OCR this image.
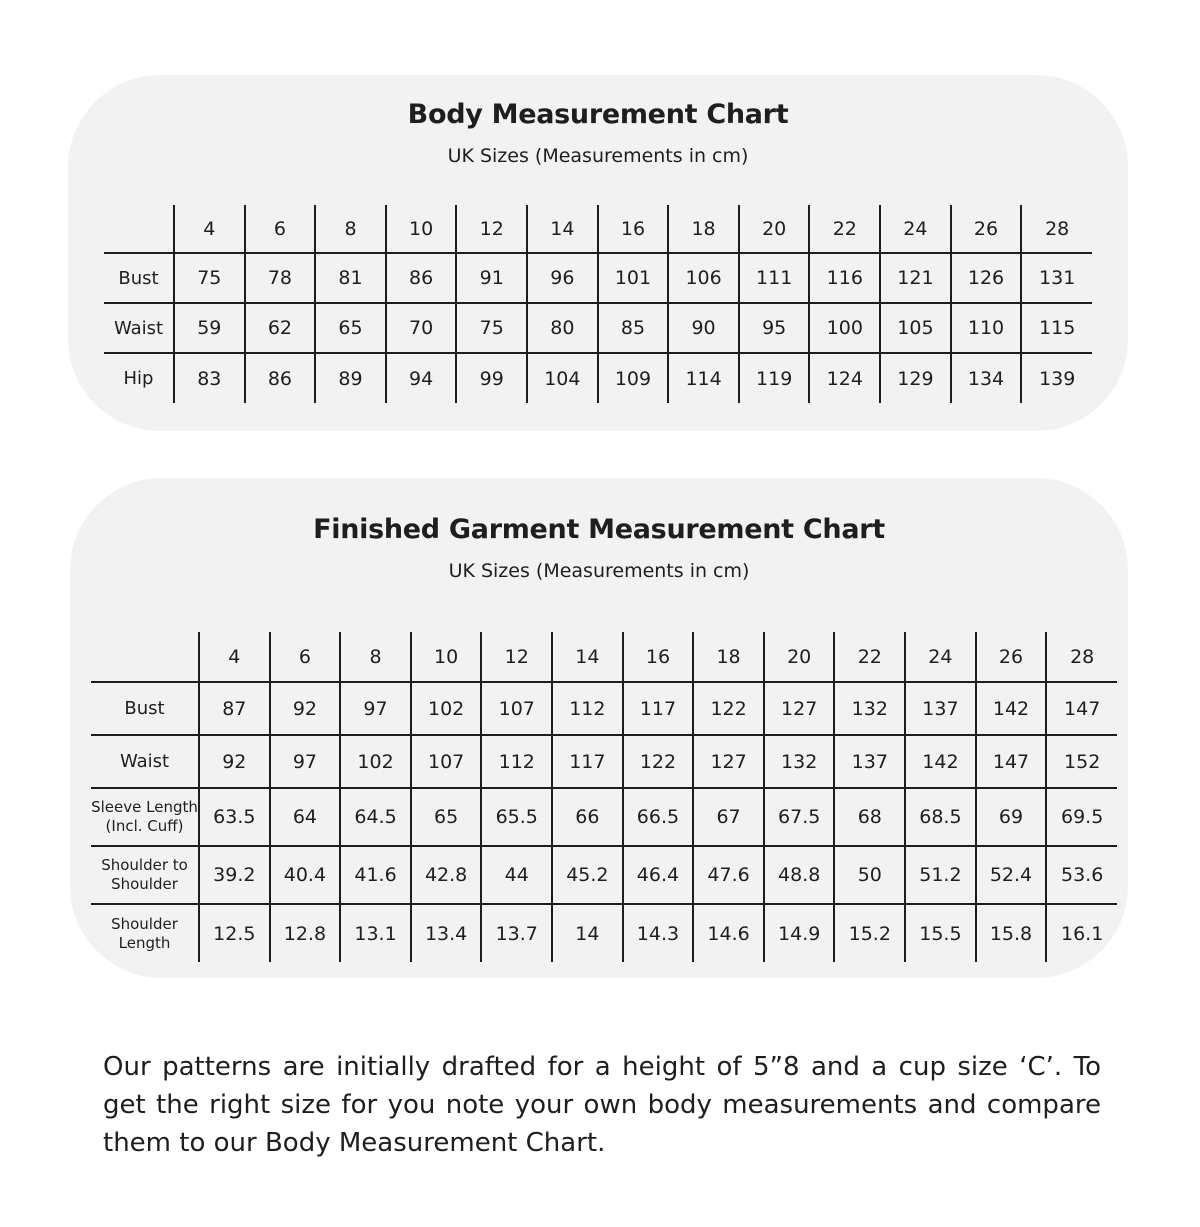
Body Measurement Chart
UK Sizes (Measurements in cm)
	4	6	8	10	12	14	16	18	20	22	24	26	28
Bust	75	78	81	86	91	96	101	106	111	116	121	126	131
Waist	59	62	65	70	75	80	85	90	95	100	105	110	115
Hip	83	86	89	94	99	104	109	114	119	124	129	134	139
Finished Garment Measurement Chart
UK Sizes (Measurements in cm)
	4	6	8	10	12	14	16	18	20	22	24	26	28
Bust	87	92	97	102	107	112	117	122	127	132	137	142	147
Waist	92	97	102	107	112	117	122	127	132	137	142	147	152
Sleeve Length
(Incl. Cuff)	63.5	64	64.5	65	65.5	66	66.5	67	67.5	68	68.5	69	69.5
Shoulder to
Shoulder	39.2	40.4	41.6	42.8	44	45.2	46.4	47.6	48.8	50	51.2	52.4	53.6
Shoulder
Length	12.5	12.8	13.1	13.4	13.7	14	14.3	14.6	14.9	15.2	15.5	15.8	16.1

Our patterns are initially drafted for a height of 5”8 and a cup size ‘C’. To get the right size for you note your own body measurements and compare them to our Body Measurement Chart.
